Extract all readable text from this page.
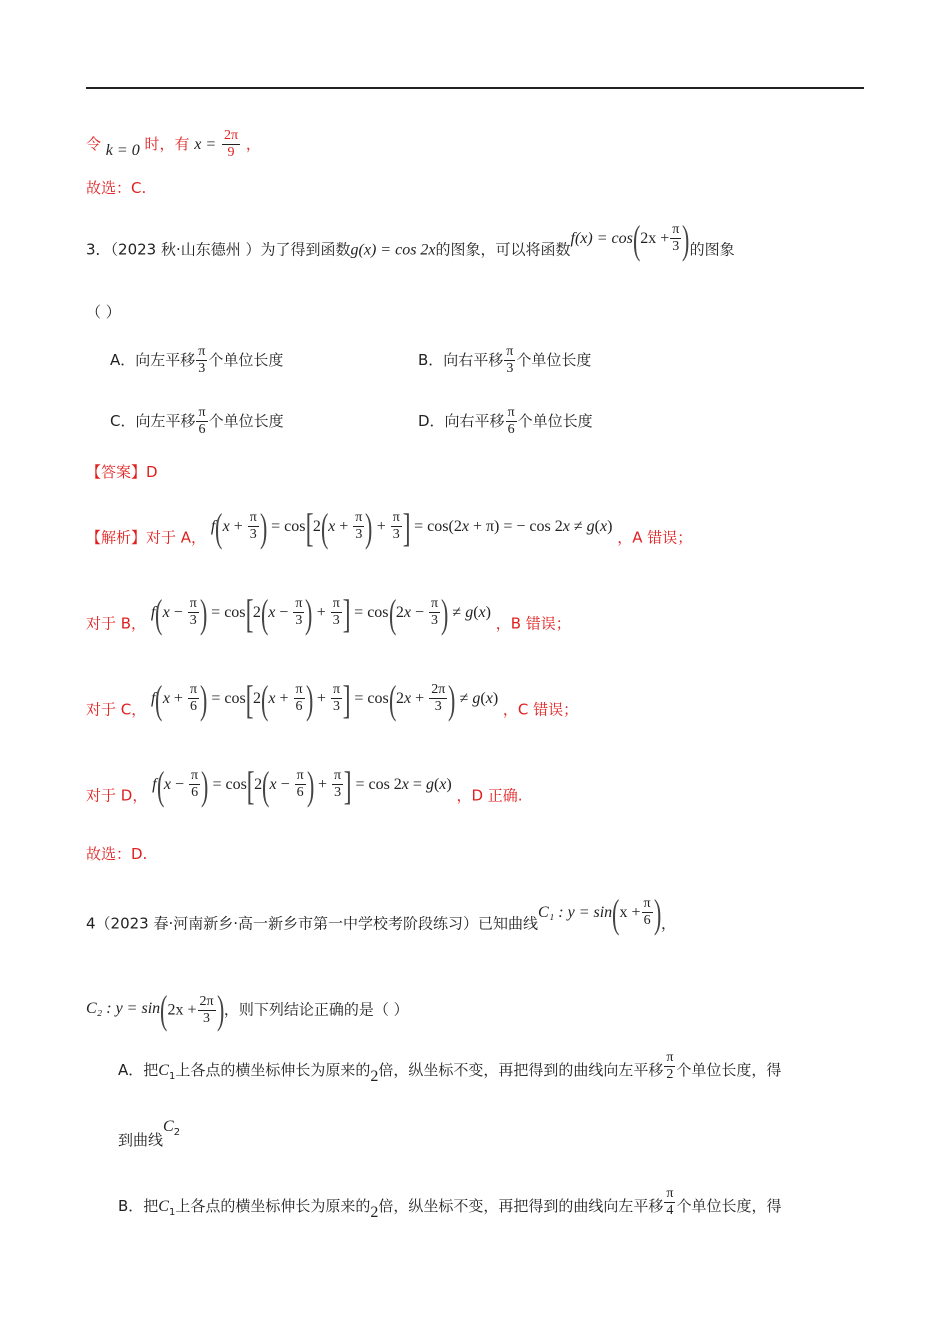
令 k = 0 时，有 $x = \frac{2\pi}{9}$ ，
故选：C.
3．（2023 秋·山东德州 ）为了得到函数g(x) = cos 2x的图象，可以将函数$f(x) = \cos(2x + \frac{\pi}{3}$ )的图象
（ ）
A．向左平移 $\frac{\pi}{3}$ 个单位长度	B．向右平移 $\frac{\pi}{3}$ 个单位长度
C．向左平移 $\frac{\pi}{6}$ 个单位长度	D．向右平移 $\frac{\pi}{6}$ 个单位长度
【答案】D
【解析】对于 A， $f(x + \frac{\pi}{3}$ ) = $\cos[2(x + \frac{\pi}{3}$ ) + $\frac{\pi}{3}$ ] = cos(2x + π) = − cos 2x ≠ g(x) ，A 错误；
对于 B， $f(x - \frac{\pi}{3}$ ) = $\cos[2(x - \frac{\pi}{3}$ ) + $\frac{\pi}{3}$ ] = $\cos(2x - \frac{\pi}{3}$ ) ≠ g(x) ，B 错误；
对于 C， $f(x + \frac{\pi}{6}$ ) = $\cos[2(x + \frac{\pi}{6}$ ) + $\frac{\pi}{3}$ ] = $\cos(2x + \frac{2\pi}{3}$ ) ≠ g(x) ，C 错误；
对于 D， $f(x - \frac{\pi}{6}$ ) = $\cos[2(x - \frac{\pi}{6}$ ) + $\frac{\pi}{3}$ ] = cos 2x = g(x) ，D 正确.
故选：D.
4（2023 春·河南新乡·高一新乡市第一中学校考阶段练习）已知曲线C₁ : $y = \sin(x + \frac{\pi}{6}$ )，
C₂ : $y = \sin(2x + \frac{2\pi}{3}$ )，则下列结论正确的是（ ）
A．把$C_1$上各点的横坐标伸长为原来的2倍，纵坐标不变，再把得到的曲线向左平移 $\frac{\pi}{2}$ 个单位长度，得
到曲线$C^2$
B．把$C_1$上各点的横坐标伸长为原来的2倍，纵坐标不变，再把得到的曲线向左平移 $\frac{\pi}{4}$ 个单位长度，得
